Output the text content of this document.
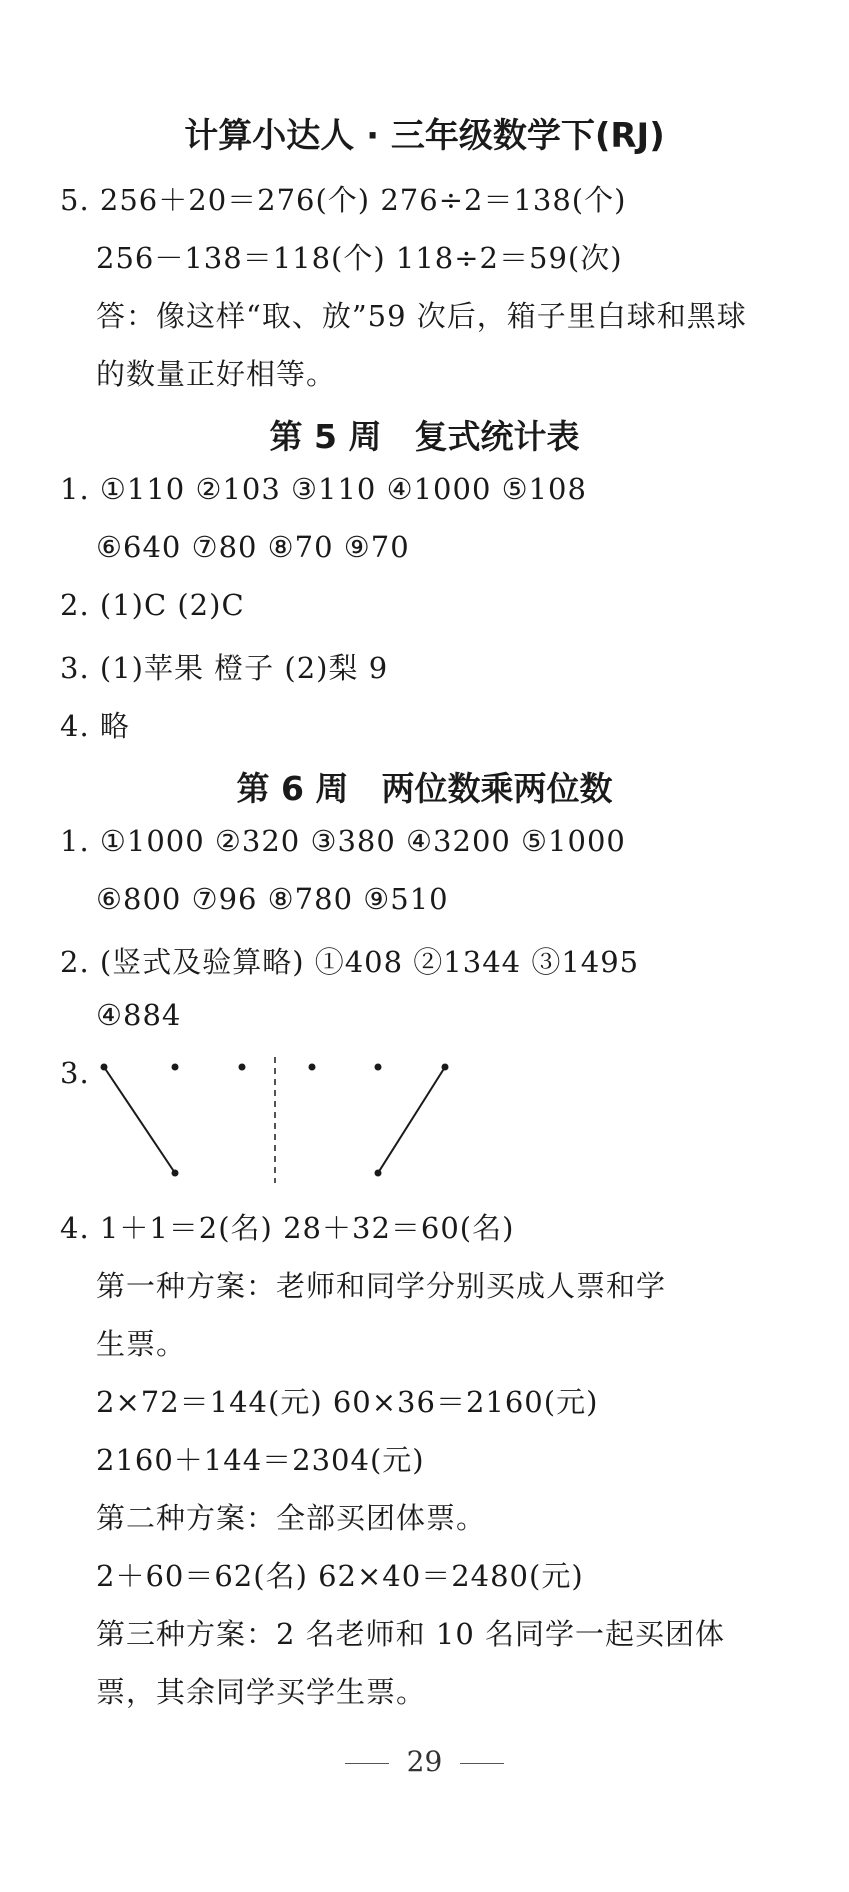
计算小达人 · 三年级数学下(RJ)
5. 256＋20＝276(个) 276÷2＝138(个)
256－138＝118(个) 118÷2＝59(次)
答：像这样“取、放”59 次后，箱子里白球和黑球
的数量正好相等。
第 5 周　复式统计表
1. ①110 ②103 ③110 ④1000 ⑤108
⑥640 ⑦80 ⑧70 ⑨70
2. (1)C (2)C
3. (1)苹果 橙子 (2)梨 9
4. 略
第 6 周　两位数乘两位数
1. ①1000 ②320 ③380 ④3200 ⑤1000
⑥800 ⑦96 ⑧780 ⑨510
2. (竖式及验算略) ①408 ②1344 ③1495
④884
3.
4. 1＋1＝2(名) 28＋32＝60(名)
第一种方案：老师和同学分别买成人票和学
生票。
2×72＝144(元) 60×36＝2160(元)
2160＋144＝2304(元)
第二种方案：全部买团体票。
2＋60＝62(名) 62×40＝2480(元)
第三种方案：2 名老师和 10 名同学一起买团体
票，其余同学买学生票。
29
